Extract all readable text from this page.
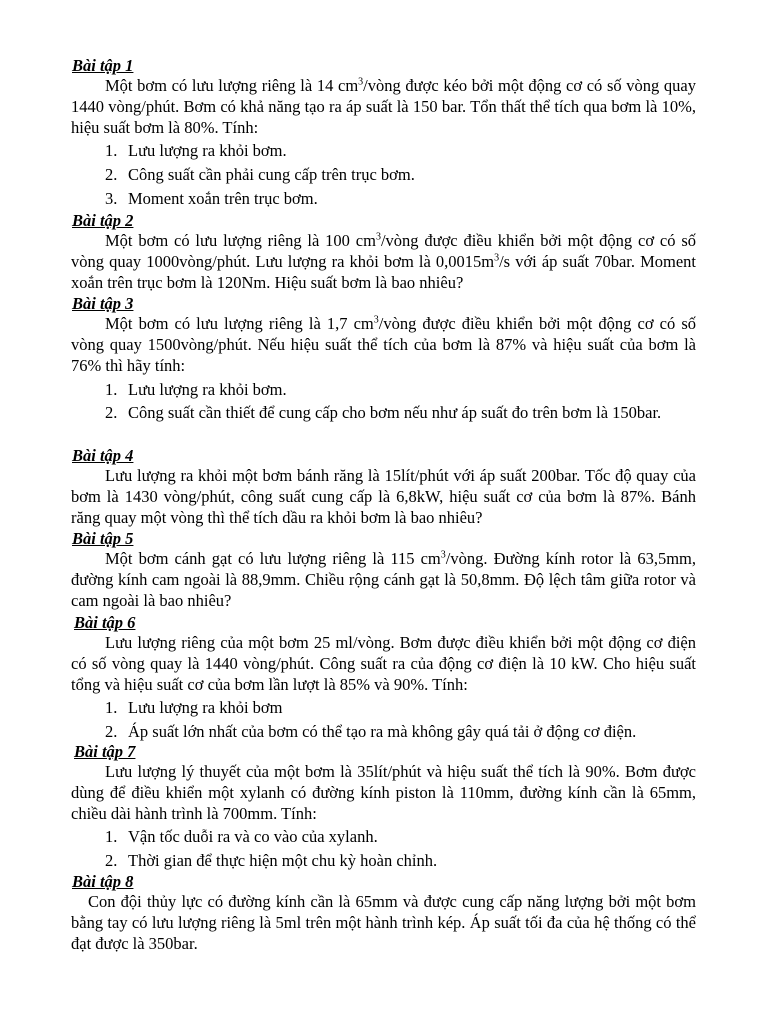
Bài tập 1

Một bơm có lưu lượng riêng là 14 $cm^3$/vòng được kéo bởi một động cơ có số vòng quay 1440 vòng/phút. Bơm có khả năng tạo ra áp suất là 150 bar. Tổn thất thể tích qua bơm là 10%, hiệu suất bơm là 80%. Tính:

1. Lưu lượng ra khỏi bơm.
2. Công suất cần phải cung cấp trên trục bơm.
3. Moment xoắn trên trục bơm.
Bài tập 2

Một bơm có lưu lượng riêng là 100 $cm^3$/vòng được điều khiển bởi một động cơ có số vòng quay 1000vòng/phút. Lưu lượng ra khỏi bơm là $0,0015m^3/s$ với áp suất 70bar. Moment xoắn trên trục bơm là 120Nm. Hiệu suất bơm là bao nhiêu?

Bài tập 3

Một bơm có lưu lượng riêng là 1,7 $cm^3$/vòng được điều khiển bởi một động cơ có số vòng quay 1500vòng/phút. Nếu hiệu suất thể tích của bơm là 87% và hiệu suất của bơm là 76% thì hãy tính:

1. Lưu lượng ra khỏi bơm.
2. Công suất cần thiết để cung cấp cho bơm nếu như áp suất đo trên bơm là 150bar.
Bài tập 4

Lưu lượng ra khỏi một bơm bánh răng là 15lít/phút với áp suất 200bar. Tốc độ quay của bơm là 1430 vòng/phút, công suất cung cấp là 6,8kW, hiệu suất cơ của bơm là 87%. Bánh răng quay một vòng thì thể tích dầu ra khỏi bơm là bao nhiêu?

Bài tập 5

Một bơm cánh gạt có lưu lượng riêng là 115 $cm^3$/vòng. Đường kính rotor là 63,5mm, đường kính cam ngoài là 88,9mm. Chiều rộng cánh gạt là 50,8mm. Độ lệch tâm giữa rotor và cam ngoài là bao nhiêu?

Bài tập 6

Lưu lượng riêng của một bơm 25 ml/vòng. Bơm được điều khiển bởi một động cơ điện có số vòng quay là 1440 vòng/phút. Công suất ra của động cơ điện là 10 kW. Cho hiệu suất tổng và hiệu suất cơ của bơm lần lượt là 85% và 90%. Tính:

1. Lưu lượng ra khỏi bơm
2. Áp suất lớn nhất của bơm có thể tạo ra mà không gây quá tải ở động cơ điện.
Bài tập 7

Lưu lượng lý thuyết của một bơm là 35lít/phút và hiệu suất thể tích là 90%. Bơm được dùng để điều khiển một xylanh có đường kính piston là 110mm, đường kính cần là 65mm, chiều dài hành trình là 700mm. Tính:

1. Vận tốc duỗi ra và co vào của xylanh.
2. Thời gian để thực hiện một chu kỳ hoàn chỉnh.
Bài tập 8

Con đội thủy lực có đường kính cần là 65mm và được cung cấp năng lượng bởi một bơm bằng tay có lưu lượng riêng là 5ml trên một hành trình kép. Áp suất tối đa của hệ thống có thể đạt được là 350bar.
